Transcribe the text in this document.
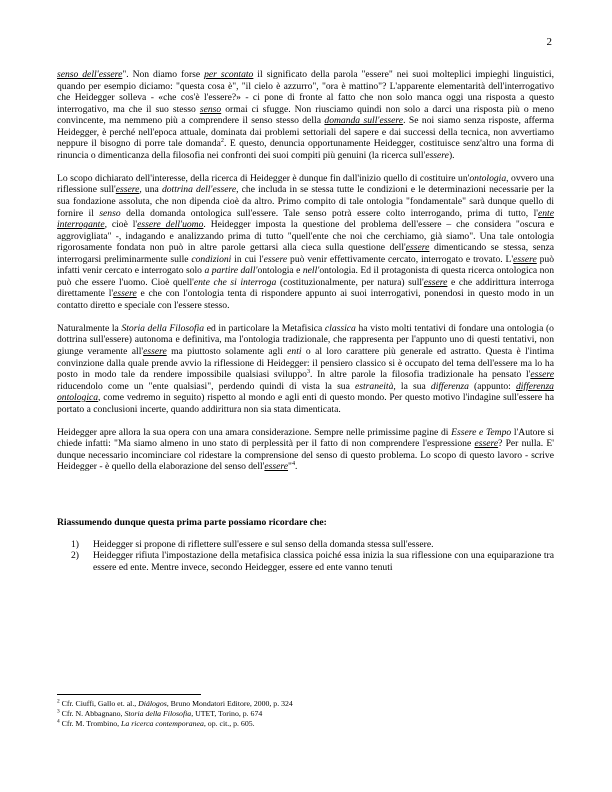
2

senso dell'essere". Non diamo forse per scontato il significato della parola "essere" nei suoi molteplici impieghi linguistici, quando per esempio diciamo: "questa cosa è", "il cielo è azzurro", "ora è mattino"? L'apparente elementarità dell'interrogativo che Heidegger solleva - «che cos'è l'essere?» - ci pone di fronte al fatto che non solo manca oggi una risposta a questo interrogativo, ma che il suo stesso senso ormai ci sfugge. Non riusciamo quindi non solo a darci una risposta più o meno convincente, ma nemmeno più a comprendere il senso stesso della domanda sull'essere. Se noi siamo senza risposte, afferma Heidegger, è perché nell'epoca attuale, dominata dai problemi settoriali del sapere e dai successi della tecnica, non avvertiamo neppure il bisogno di porre tale domanda$^2$. E questo, denuncia opportunamente Heidegger, costituisce senz'altro una forma di rinuncia o dimenticanza della filosofia nei confronti dei suoi compiti più genuini (la ricerca sull'essere).

Lo scopo dichiarato dell'interesse, della ricerca di Heidegger è dunque fin dall'inizio quello di costituire un'ontologia, ovvero una riflessione sull'essere, una dottrina dell'essere, che includa in se stessa tutte le condizioni e le determinazioni necessarie per la sua fondazione assoluta, che non dipenda cioè da altro. Primo compito di tale ontologia "fondamentale" sarà dunque quello di fornire il senso della domanda ontologica sull'essere. Tale senso potrà essere colto interrogando, prima di tutto, l'ente interrogante, cioè l'essere dell'uomo. Heidegger imposta la questione del problema dell'essere – che considera "oscura e aggrovigliata" -, indagando e analizzando prima di tutto "quell'ente che noi che cerchiamo, già siamo". Una tale ontologia rigorosamente fondata non può in altre parole gettarsi alla cieca sulla questione dell'essere dimenticando se stessa, senza interrogarsi preliminarmente sulle condizioni in cui l'essere può venir effettivamente cercato, interrogato e trovato. L'essere può infatti venir cercato e interrogato solo a partire dall'ontologia e nell'ontologia. Ed il protagonista di questa ricerca ontologica non può che essere l'uomo. Cioè quell'ente che si interroga (costituzionalmente, per natura) sull'essere e che addirittura interroga direttamente l'essere e che con l'ontologia tenta di rispondere appunto ai suoi interrogativi, ponendosi in questo modo in un contatto diretto e speciale con l'essere stesso.

Naturalmente la Storia della Filosofia ed in particolare la Metafisica classica ha visto molti tentativi di fondare una ontologia (o dottrina sull'essere) autonoma e definitiva, ma l'ontologia tradizionale, che rappresenta per l'appunto uno di questi tentativi, non giunge veramente all'essere ma piuttosto solamente agli enti o al loro carattere più generale ed astratto. Questa è l'intima convinzione dalla quale prende avvio la riflessione di Heidegger: il pensiero classico si è occupato del tema dell'essere ma lo ha posto in modo tale da rendere impossibile qualsiasi sviluppo$^3$. In altre parole la filosofia tradizionale ha pensato l'essere riducendolo come un "ente qualsiasi", perdendo quindi di vista la sua estraneità, la sua differenza (appunto: differenza ontologica, come vedremo in seguito) rispetto al mondo e agli enti di questo mondo. Per questo motivo l'indagine sull'essere ha portato a conclusioni incerte, quando addirittura non sia stata dimenticata.

Heidegger apre allora la sua opera con una amara considerazione. Sempre nelle primissime pagine di Essere e Tempo l'Autore si chiede infatti: "Ma siamo almeno in uno stato di perplessità per il fatto di non comprendere l'espressione essere? Per nulla. E' dunque necessario incominciare col ridestare la comprensione del senso di questo problema. Lo scopo di questo lavoro - scrive Heidegger - è quello della elaborazione del senso dell'essere"$^4$.

Riassumendo dunque questa prima parte possiamo ricordare che:

1) Heidegger si propone di riflettere sull'essere e sul senso della domanda stessa sull'essere.
2) Heidegger rifiuta l'impostazione della metafisica classica poiché essa inizia la sua riflessione con una equiparazione tra essere ed ente. Mentre invece, secondo Heidegger, essere ed ente vanno tenuti

$^2$ Cfr. Ciuffi, Gallo et. al., Diálogos, Bruno Mondatori Editore, 2000, p. 324

$^3$ Cfr. N. Abbagnano, Storia della Filosofia, UTET, Torino, p. 674

$^4$ Cfr. M. Trombino, La ricerca contemporanea, op. cit., p. 605.
